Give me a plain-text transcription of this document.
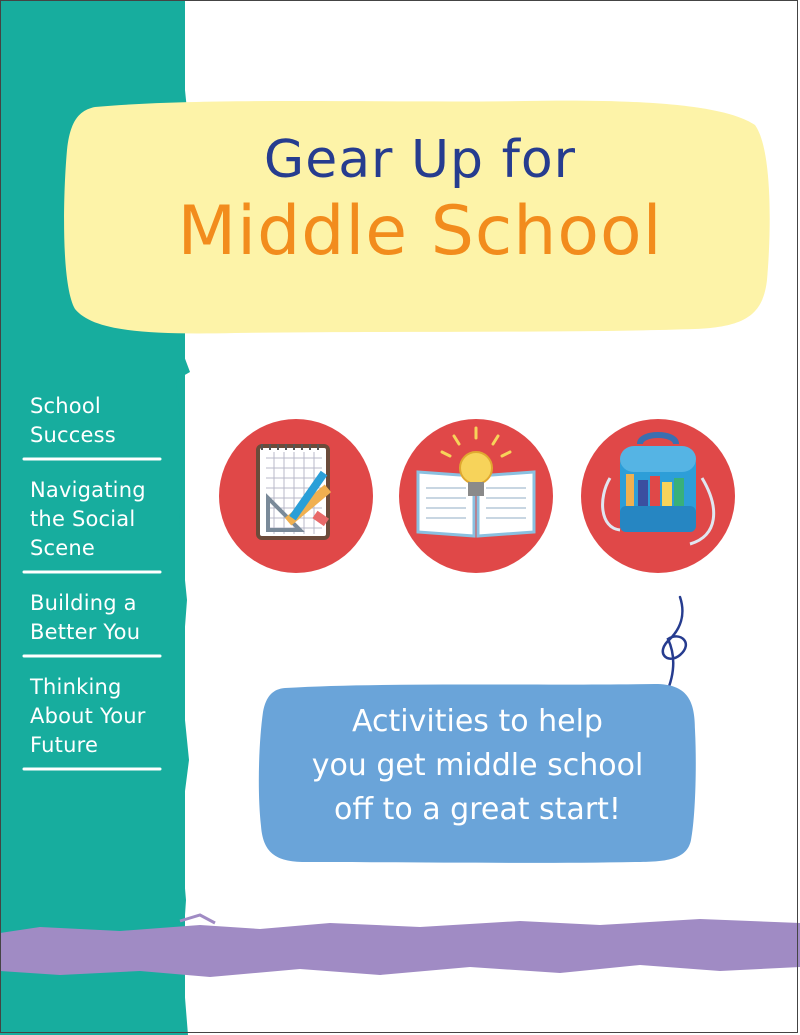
Gear Up for
Middle School
School
Success
Navigating
the Social
Scene
Building a
Better You
Thinking
About Your
Future
Activities to help
you get middle school
off to a great start!
